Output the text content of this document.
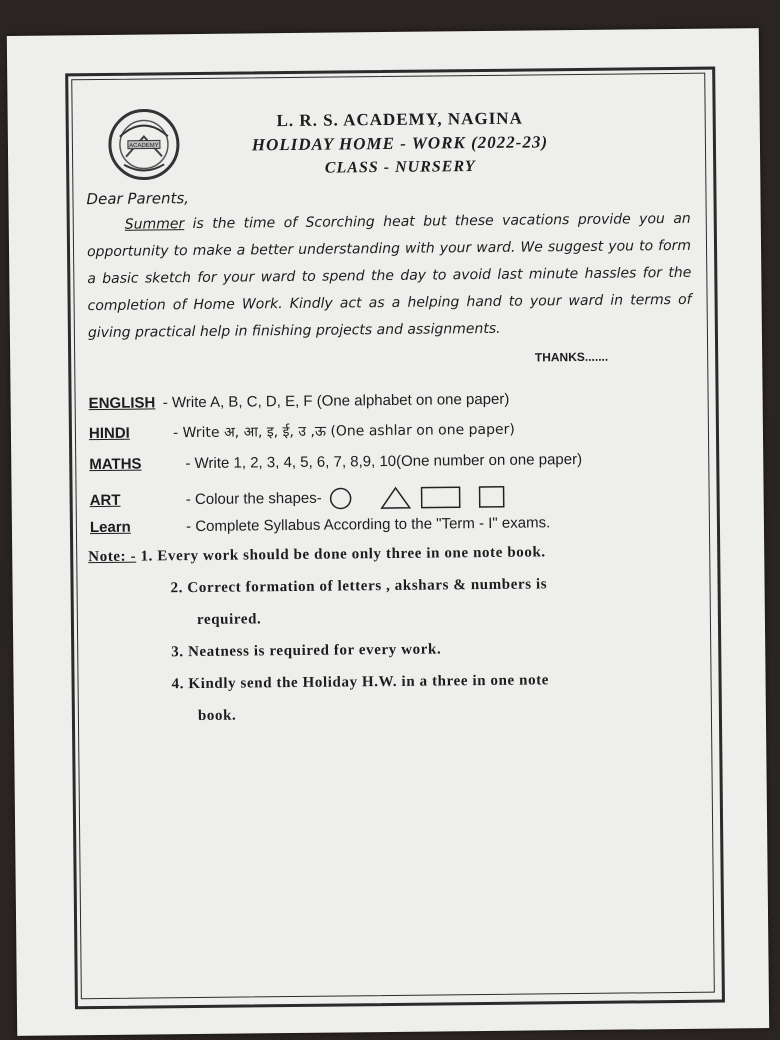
ACADEMY
L. R. S. ACADEMY, NAGINA
HOLIDAY HOME - WORK (2022-23)
CLASS - NURSERY
Dear Parents,
Summer is the time of Scorching heat but these vacations provide you an opportunity to make a better understanding with your ward. We suggest you to form a basic sketch for your ward to spend the day to avoid last minute hassles for the completion of Home Work. Kindly act as a helping hand to your ward in terms of giving practical help in finishing projects and assignments.
THANKS.......
ENGLISH - Write A, B, C, D, E, F (One alphabet on one paper)
HINDI	- Write अ, आ, इ, ई, उ ,ऊ (One ashlar on one paper)
MATHS	- Write 1, 2, 3, 4, 5, 6, 7, 8,9, 10(One number on one paper)
ART	- Colour the shapes-
Learn	- Complete Syllabus According to the "Term - I" exams.
Note: - 1. Every work should be done only three in one note book.
2. Correct formation of letters , akshars & numbers is
required.
3. Neatness is required for every work.
4. Kindly send the Holiday H.W. in a three in one note
book.
